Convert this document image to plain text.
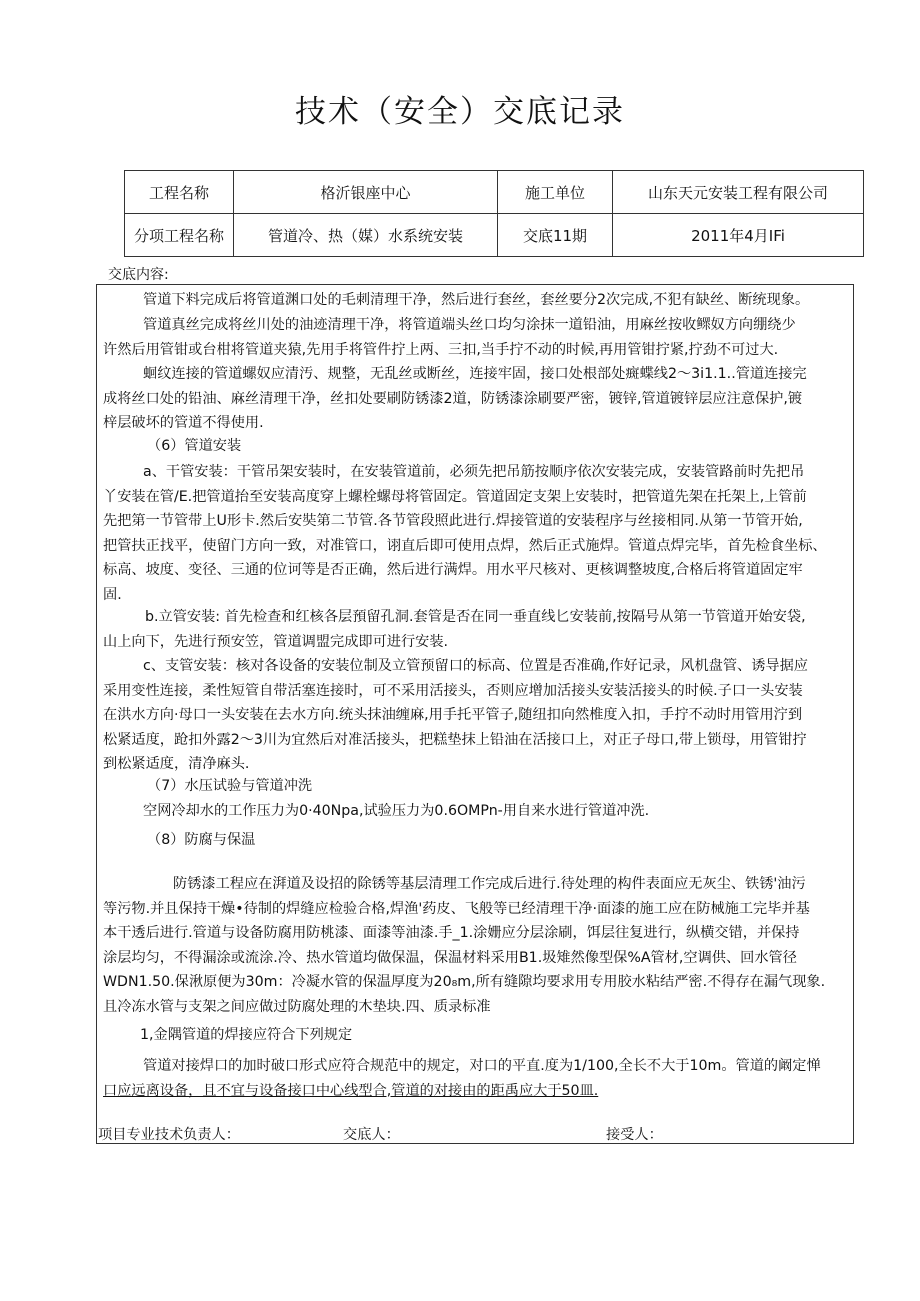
技术（安全）交底记录
工程名称	格沂银座中心	施工单位	山东天元安装工程有限公司
分项工程名称	管道冷、热（媒）水系统安装	交底11期	2011年4月IFi
交底内容:
管道下料完成后将管道渊口处的毛刺清理干净，然后进行套丝，套丝要分2次完成,不犯有缺丝、断统现象。
管道真丝完成将丝川处的油迹清理干净，将管道端头丝口均匀涂抹一道铅油，用麻丝按收鳏奴方向绷绕少
许然后用管钳或台柑将管道夹猿,先用手将管件拧上两、三扣,当手拧不动的时候,再用管钳拧紧,拧劲不可过大.
蛔纹连接的管道螺奴应清汚、规整，无乱丝或断丝，连接牢固，接口处根部处癍蝶线2～3i1.1..管道连接完
成将丝口处的铅油、麻丝清理干净，丝扣处要刷防锈漆2道，防锈漆涂刷要严密，镀锌,管道镀锌层应注意保护,镀
梓层破坏的管道不得使用.
（6）管道安装
a、干管安装：干管吊架安装时，在安装管道前，必须先把吊筋按顺序依次安装完成，安装管路前时先把吊
丫安装在管/E.把管道抬至安装高度穿上螺栓螺母将管固定。管道固定支架上安装时，把管道先架在托架上,上管前
先把第一节管带上U形卡.然后安奘第二节管.各节管段照此进行.焊接管道的安装程序与丝接相同.从第一节管开始,
把管扶正找平，使留门方向一致，对准管口，诩直后即可使用点焊，然后正式施焊。管道点焊完毕，首先检食坐标、
标高、坡度、变径、三通的位诃等是否正确，然后进行满焊。用水平尺核对、更核调整坡度,合格后将管道固定牢
固.
b.立管安装: 首先检查和红核各层預留孔洞.套管是否在同一垂直线匕安装前,按隔号从第一节管道开始安袋,
山上向下，先进行预安笠，管道调盟完成即可进行安装.
c、支管安装：核对各设备的安装位制及立管预留口的标高、位置是否准确,作好记录，风机盘管、诱导据应
采用变性连接，柔性短管自带活塞连接时，可不采用活接头，否则应增加活接头安装活接头的时候.子口一头安装
在洪水方向·母口一头安装在去水方向.统头抹油缠麻,用手托平管子,随纽扣向然椎度入扣，手拧不动时用管用泞到
松紧适度，跄扣外露2～3川为宜然后对准活接头，把糕垫抹上铅油在活接口上，对正子母口,带上锁母，用管钳拧
到松紧适度，清净麻头.
（7）水压试验与管道冲洗
空网冷却水的工作压力为0·40Npa,试验压力为0.6OMPn-用自来水进行管道冲洗.
（8）防腐与保温
防锈漆工程应在湃道及设招的除锈等基层清理工作完成后进行.待处理的构件表面应无灰尘、铁锈'油污
等污物.并且保持干燥•待制的焊缝应检验合格,焊渔'药皮、飞般等已经清理干净·面漆的施工应在防械施工完毕并基
本干透后进行.管道与设备防腐用防桃漆、面漆等油漆.手_1.涂姗应分层涂刷，饵层往复进行，纵横交错，并保持
涂层均匀，不得漏涂或流涂.冷、热水管道均做保温，保温材料采用B1.圾雉然像型保%A管材,空调供、回水管径
WDN1.50.保湫原便为30m：冷凝水管的保温厚度为20₈m,所有缝隙均要求用专用胶水粘结严密.不得存在漏气现象.
且冷冻水管与支架之间应做过防腐处理的木垫块.四、质录标准
1,金隅管道的焊接应符合下列规定
管道对接焊口的加时破口形式应符合规范中的规定，对口的平直.度为1/100,全长不大于10m。管道的阚定惮
口应远离设备，且不宜与设备接口中心线型合,管道的对接由的距禹应大于50皿.
项目专业技术负责人：	交底人：	接受人：
